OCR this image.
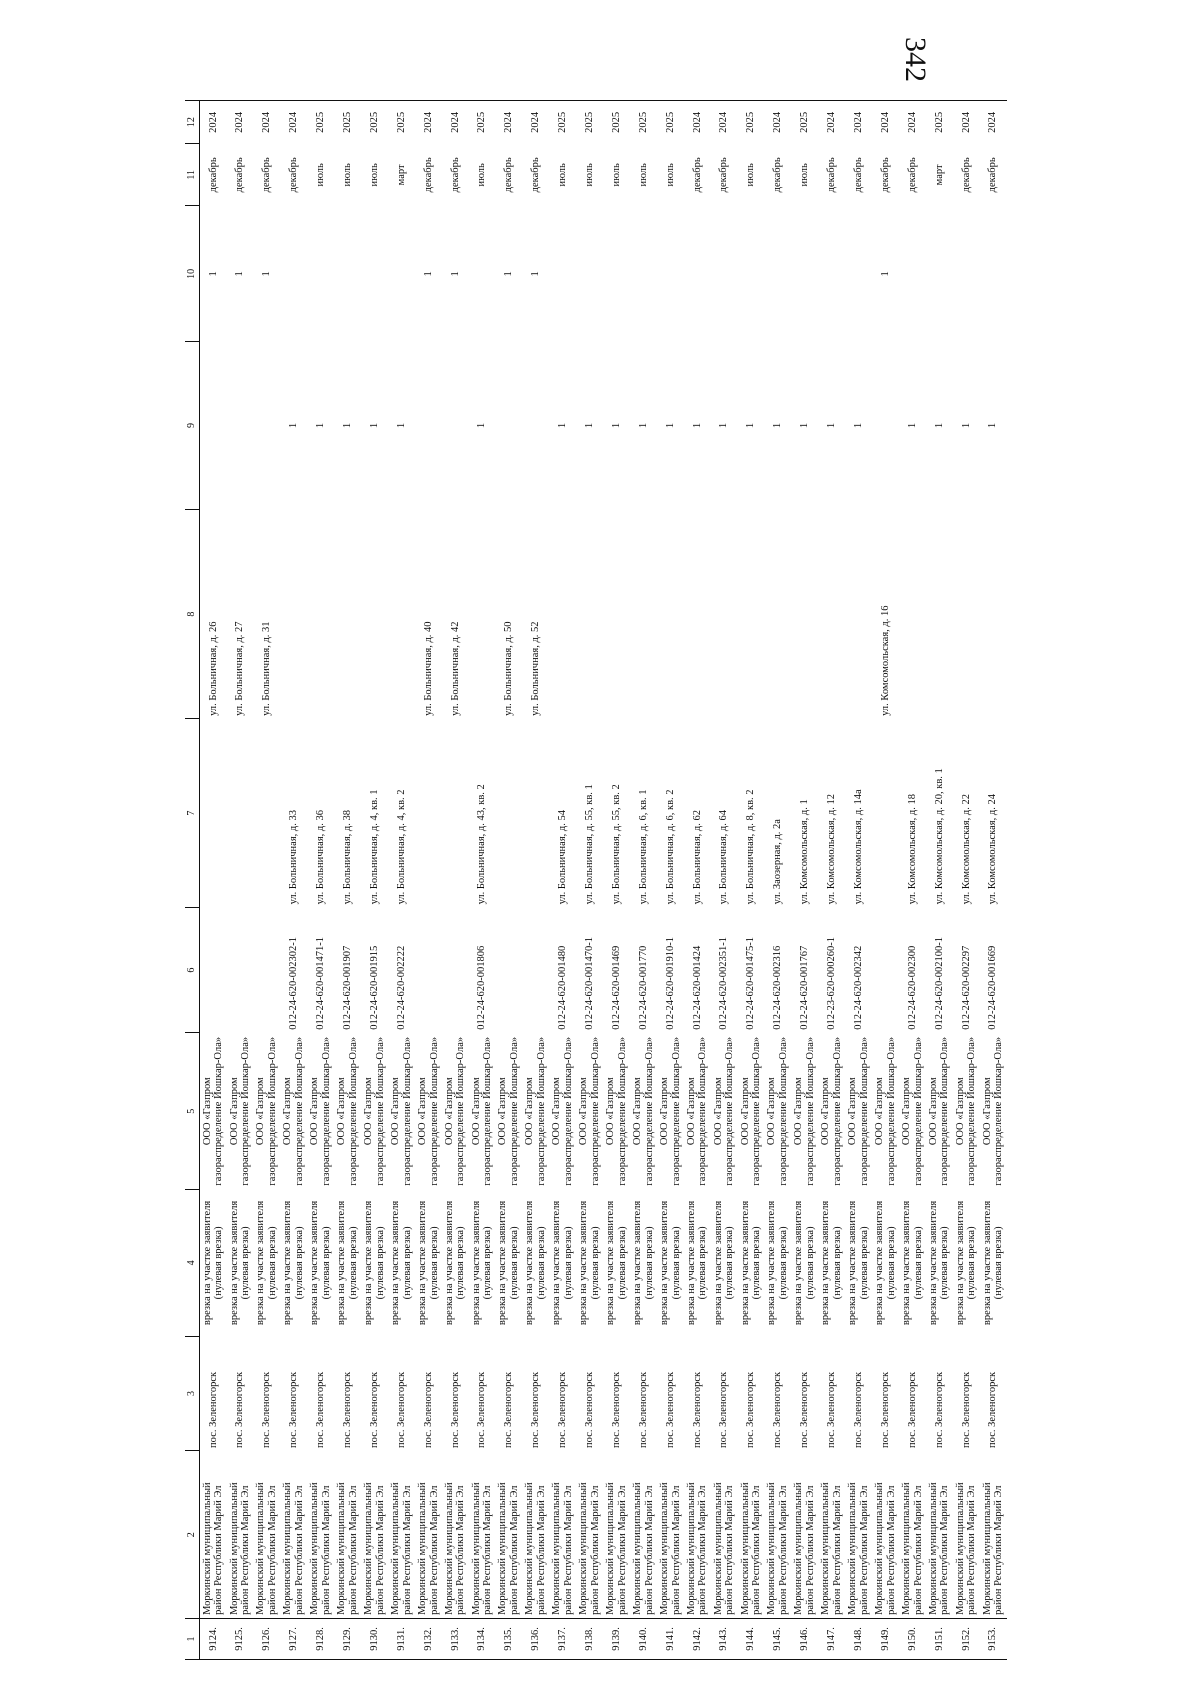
342
1	2	3	4	5	6	7	8	9	10	11	12
9124.	Моркинский муниципальный район Республики Марий Эл	пос. Зеленогорск	врезка на участке заявителя (нулевая врезка)	ООО «Газпром газораспределение Йошкар-Ола»			ул. Больничная, д. 26		1	декабрь	2024
9125.	Моркинский муниципальный район Республики Марий Эл	пос. Зеленогорск	врезка на участке заявителя (нулевая врезка)	ООО «Газпром газораспределение Йошкар-Ола»			ул. Больничная, д. 27		1	декабрь	2024
9126.	Моркинский муниципальный район Республики Марий Эл	пос. Зеленогорск	врезка на участке заявителя (нулевая врезка)	ООО «Газпром газораспределение Йошкар-Ола»			ул. Больничная, д. 31		1	декабрь	2024
9127.	Моркинский муниципальный район Республики Марий Эл	пос. Зеленогорск	врезка на участке заявителя (нулевая врезка)	ООО «Газпром газораспределение Йошкар-Ола»	012-24-620-002302-1	ул. Больничная, д. 33		1		декабрь	2024
9128.	Моркинский муниципальный район Республики Марий Эл	пос. Зеленогорск	врезка на участке заявителя (нулевая врезка)	ООО «Газпром газораспределение Йошкар-Ола»	012-24-620-001471-1	ул. Больничная, д. 36		1		июль	2025
9129.	Моркинский муниципальный район Республики Марий Эл	пос. Зеленогорск	врезка на участке заявителя (нулевая врезка)	ООО «Газпром газораспределение Йошкар-Ола»	012-24-620-001907	ул. Больничная, д. 38		1		июль	2025
9130.	Моркинский муниципальный район Республики Марий Эл	пос. Зеленогорск	врезка на участке заявителя (нулевая врезка)	ООО «Газпром газораспределение Йошкар-Ола»	012-24-620-001915	ул. Больничная, д. 4, кв. 1		1		июль	2025
9131.	Моркинский муниципальный район Республики Марий Эл	пос. Зеленогорск	врезка на участке заявителя (нулевая врезка)	ООО «Газпром газораспределение Йошкар-Ола»	012-24-620-002222	ул. Больничная, д. 4, кв. 2		1		март	2025
9132.	Моркинский муниципальный район Республики Марий Эл	пос. Зеленогорск	врезка на участке заявителя (нулевая врезка)	ООО «Газпром газораспределение Йошкар-Ола»			ул. Больничная, д. 40		1	декабрь	2024
9133.	Моркинский муниципальный район Республики Марий Эл	пос. Зеленогорск	врезка на участке заявителя (нулевая врезка)	ООО «Газпром газораспределение Йошкар-Ола»			ул. Больничная, д. 42		1	декабрь	2024
9134.	Моркинский муниципальный район Республики Марий Эл	пос. Зеленогорск	врезка на участке заявителя (нулевая врезка)	ООО «Газпром газораспределение Йошкар-Ола»	012-24-620-001806	ул. Больничная, д. 43, кв. 2		1		июль	2025
9135.	Моркинский муниципальный район Республики Марий Эл	пос. Зеленогорск	врезка на участке заявителя (нулевая врезка)	ООО «Газпром газораспределение Йошкар-Ола»			ул. Больничная, д. 50		1	декабрь	2024
9136.	Моркинский муниципальный район Республики Марий Эл	пос. Зеленогорск	врезка на участке заявителя (нулевая врезка)	ООО «Газпром газораспределение Йошкар-Ола»			ул. Больничная, д. 52		1	декабрь	2024
9137.	Моркинский муниципальный район Республики Марий Эл	пос. Зеленогорск	врезка на участке заявителя (нулевая врезка)	ООО «Газпром газораспределение Йошкар-Ола»	012-24-620-001480	ул. Больничная, д. 54		1		июль	2025
9138.	Моркинский муниципальный район Республики Марий Эл	пос. Зеленогорск	врезка на участке заявителя (нулевая врезка)	ООО «Газпром газораспределение Йошкар-Ола»	012-24-620-001470-1	ул. Больничная, д. 55, кв. 1		1		июль	2025
9139.	Моркинский муниципальный район Республики Марий Эл	пос. Зеленогорск	врезка на участке заявителя (нулевая врезка)	ООО «Газпром газораспределение Йошкар-Ола»	012-24-620-001469	ул. Больничная, д. 55, кв. 2		1		июль	2025
9140.	Моркинский муниципальный район Республики Марий Эл	пос. Зеленогорск	врезка на участке заявителя (нулевая врезка)	ООО «Газпром газораспределение Йошкар-Ола»	012-24-620-001770	ул. Больничная, д. 6, кв. 1		1		июль	2025
9141.	Моркинский муниципальный район Республики Марий Эл	пос. Зеленогорск	врезка на участке заявителя (нулевая врезка)	ООО «Газпром газораспределение Йошкар-Ола»	012-24-620-001910-1	ул. Больничная, д. 6, кв. 2		1		июль	2025
9142.	Моркинский муниципальный район Республики Марий Эл	пос. Зеленогорск	врезка на участке заявителя (нулевая врезка)	ООО «Газпром газораспределение Йошкар-Ола»	012-24-620-001424	ул. Больничная, д. 62		1		декабрь	2024
9143.	Моркинский муниципальный район Республики Марий Эл	пос. Зеленогорск	врезка на участке заявителя (нулевая врезка)	ООО «Газпром газораспределение Йошкар-Ола»	012-24-620-002351-1	ул. Больничная, д. 64		1		декабрь	2024
9144.	Моркинский муниципальный район Республики Марий Эл	пос. Зеленогорск	врезка на участке заявителя (нулевая врезка)	ООО «Газпром газораспределение Йошкар-Ола»	012-24-620-001475-1	ул. Больничная, д. 8, кв. 2		1		июль	2025
9145.	Моркинский муниципальный район Республики Марий Эл	пос. Зеленогорск	врезка на участке заявителя (нулевая врезка)	ООО «Газпром газораспределение Йошкар-Ола»	012-24-620-002316	ул. Заозерная, д. 2а		1		декабрь	2024
9146.	Моркинский муниципальный район Республики Марий Эл	пос. Зеленогорск	врезка на участке заявителя (нулевая врезка)	ООО «Газпром газораспределение Йошкар-Ола»	012-24-620-001767	ул. Комсомольская, д. 1		1		июль	2025
9147.	Моркинский муниципальный район Республики Марий Эл	пос. Зеленогорск	врезка на участке заявителя (нулевая врезка)	ООО «Газпром газораспределение Йошкар-Ола»	012-23-620-000260-1	ул. Комсомольская, д. 12		1		декабрь	2024
9148.	Моркинский муниципальный район Республики Марий Эл	пос. Зеленогорск	врезка на участке заявителя (нулевая врезка)	ООО «Газпром газораспределение Йошкар-Ола»	012-24-620-002342	ул. Комсомольская, д. 14а		1		декабрь	2024
9149.	Моркинский муниципальный район Республики Марий Эл	пос. Зеленогорск	врезка на участке заявителя (нулевая врезка)	ООО «Газпром газораспределение Йошкар-Ола»			ул. Комсомольская, д. 16		1	декабрь	2024
9150.	Моркинский муниципальный район Республики Марий Эл	пос. Зеленогорск	врезка на участке заявителя (нулевая врезка)	ООО «Газпром газораспределение Йошкар-Ола»	012-24-620-002300	ул. Комсомольская, д. 18		1		декабрь	2024
9151.	Моркинский муниципальный район Республики Марий Эл	пос. Зеленогорск	врезка на участке заявителя (нулевая врезка)	ООО «Газпром газораспределение Йошкар-Ола»	012-24-620-002100-1	ул. Комсомольская, д. 20, кв. 1		1		март	2025
9152.	Моркинский муниципальный район Республики Марий Эл	пос. Зеленогорск	врезка на участке заявителя (нулевая врезка)	ООО «Газпром газораспределение Йошкар-Ола»	012-24-620-002297	ул. Комсомольская, д. 22		1		декабрь	2024
9153.	Моркинский муниципальный район Республики Марий Эл	пос. Зеленогорск	врезка на участке заявителя (нулевая врезка)	ООО «Газпром газораспределение Йошкар-Ола»	012-24-620-001669	ул. Комсомольская, д. 24		1		декабрь	2024
